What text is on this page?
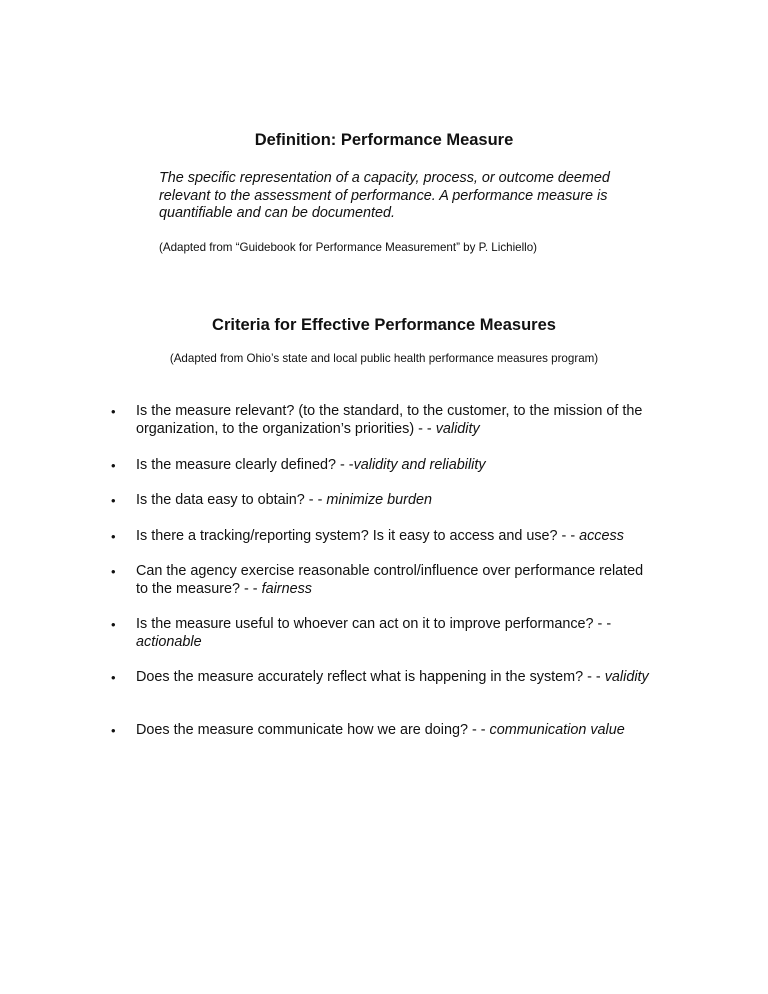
Definition: Performance Measure

The specific representation of a capacity, process, or outcome deemed relevant to the assessment of performance. A performance measure is quantifiable and can be documented.

(Adapted from “Guidebook for Performance Measurement” by P. Lichiello)

Criteria for Effective Performance Measures

(Adapted from Ohio’s state and local public health performance measures program)

• Is the measure relevant? (to the standard, to the customer, to the mission of the organization, to the organization’s priorities) - - validity
• Is the measure clearly defined? - -validity and reliability
• Is the data easy to obtain? - - minimize burden
• Is there a tracking/reporting system? Is it easy to access and use? - - access
• Can the agency exercise reasonable control/influence over performance related to the measure? - - fairness
• Is the measure useful to whoever can act on it to improve performance? - - actionable
• Does the measure accurately reflect what is happening in the system? - - validity
• Does the measure communicate how we are doing? - - communication value
